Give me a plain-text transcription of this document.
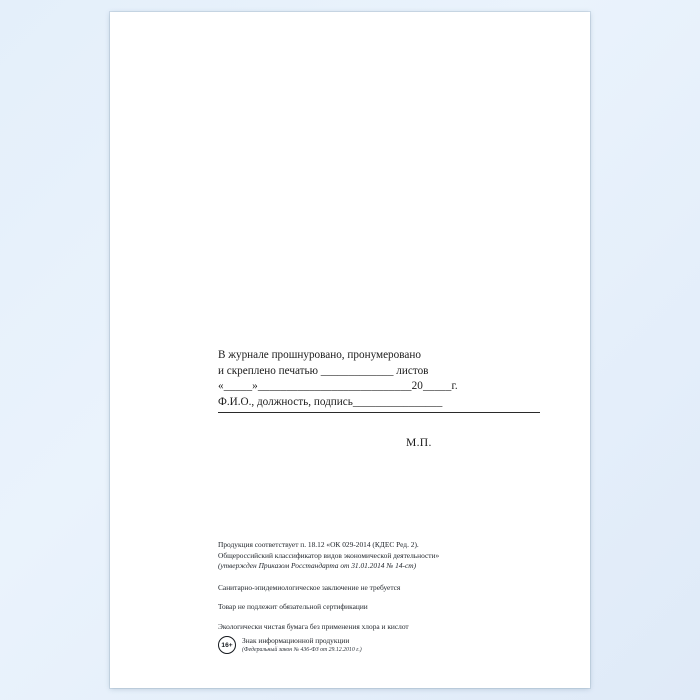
В журнале прошнуровано, пронумеровано
и скреплено печатью _____________ листов
«_____»___________________________20_____г.
Ф.И.О., должность, подпись________________
М.П.

Продукция соответствует п. 18.12 «ОК 029-2014 (КДЕС Ред. 2).

Общероссийский классификатор видов экономической деятельности»

(утвержден Приказом Росстандарта от 31.01.2014 № 14-ст)

Санитарно-эпидемиологическое заключение не требуется

Товар не подлежит обязательной сертификации

Экологически чистая бумага без применения хлора и кислот

16+	Знак информационной продукции

(Федеральный закон № 436-ФЗ от 29.12.2010 г.)
